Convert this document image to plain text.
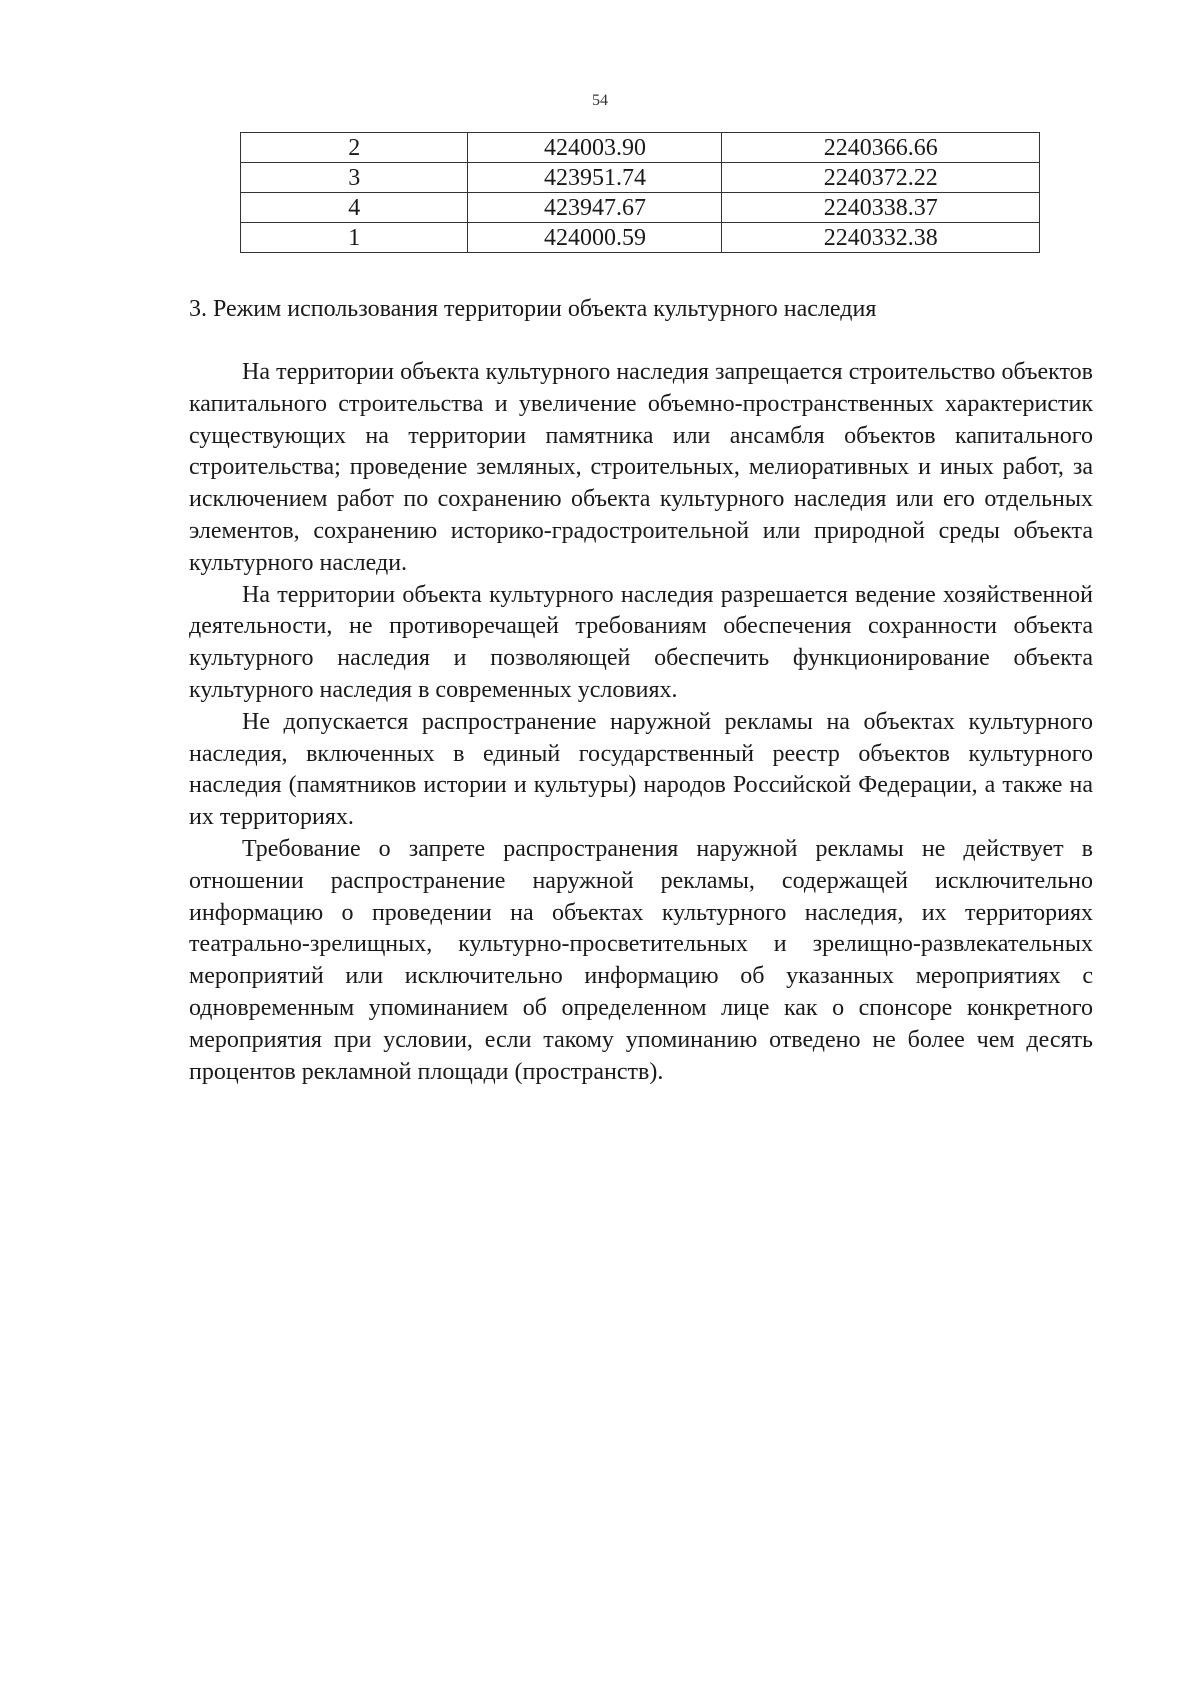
54
2	424003.90	2240366.66
3	423951.74	2240372.22
4	423947.67	2240338.37
1	424000.59	2240332.38
3. Режим использования территории объекта культурного наследия

На территории объекта культурного наследия запрещается строительство объектов капитального строительства и увеличение объемно-пространственных характеристик существующих на территории памятника или ансамбля объектов капитального строительства; проведение земляных, строительных, мелиоративных и иных работ, за исключением работ по сохранению объекта культурного наследия или его отдельных элементов, сохранению историко-градостроительной или природной среды объекта культурного наследи.

На территории объекта культурного наследия разрешается ведение хозяйственной деятельности, не противоречащей требованиям обеспечения сохранности объекта культурного наследия и позволяющей обеспечить функционирование объекта культурного наследия в современных условиях.

Не допускается распространение наружной рекламы на объектах культурного наследия, включенных в единый государственный реестр объектов культурного наследия (памятников истории и культуры) народов Российской Федерации, а также на их территориях.

Требование о запрете распространения наружной рекламы не действует в отношении распространение наружной рекламы, содержащей исключительно информацию о проведении на объектах культурного наследия, их территориях театрально-зрелищных, культурно-просветительных и зрелищно-развлекательных мероприятий или исключительно информацию об указанных мероприятиях с одновременным упоминанием об определенном лице как о спонсоре конкретного мероприятия при условии, если такому упоминанию отведено не более чем десять процентов рекламной площади (пространств).
